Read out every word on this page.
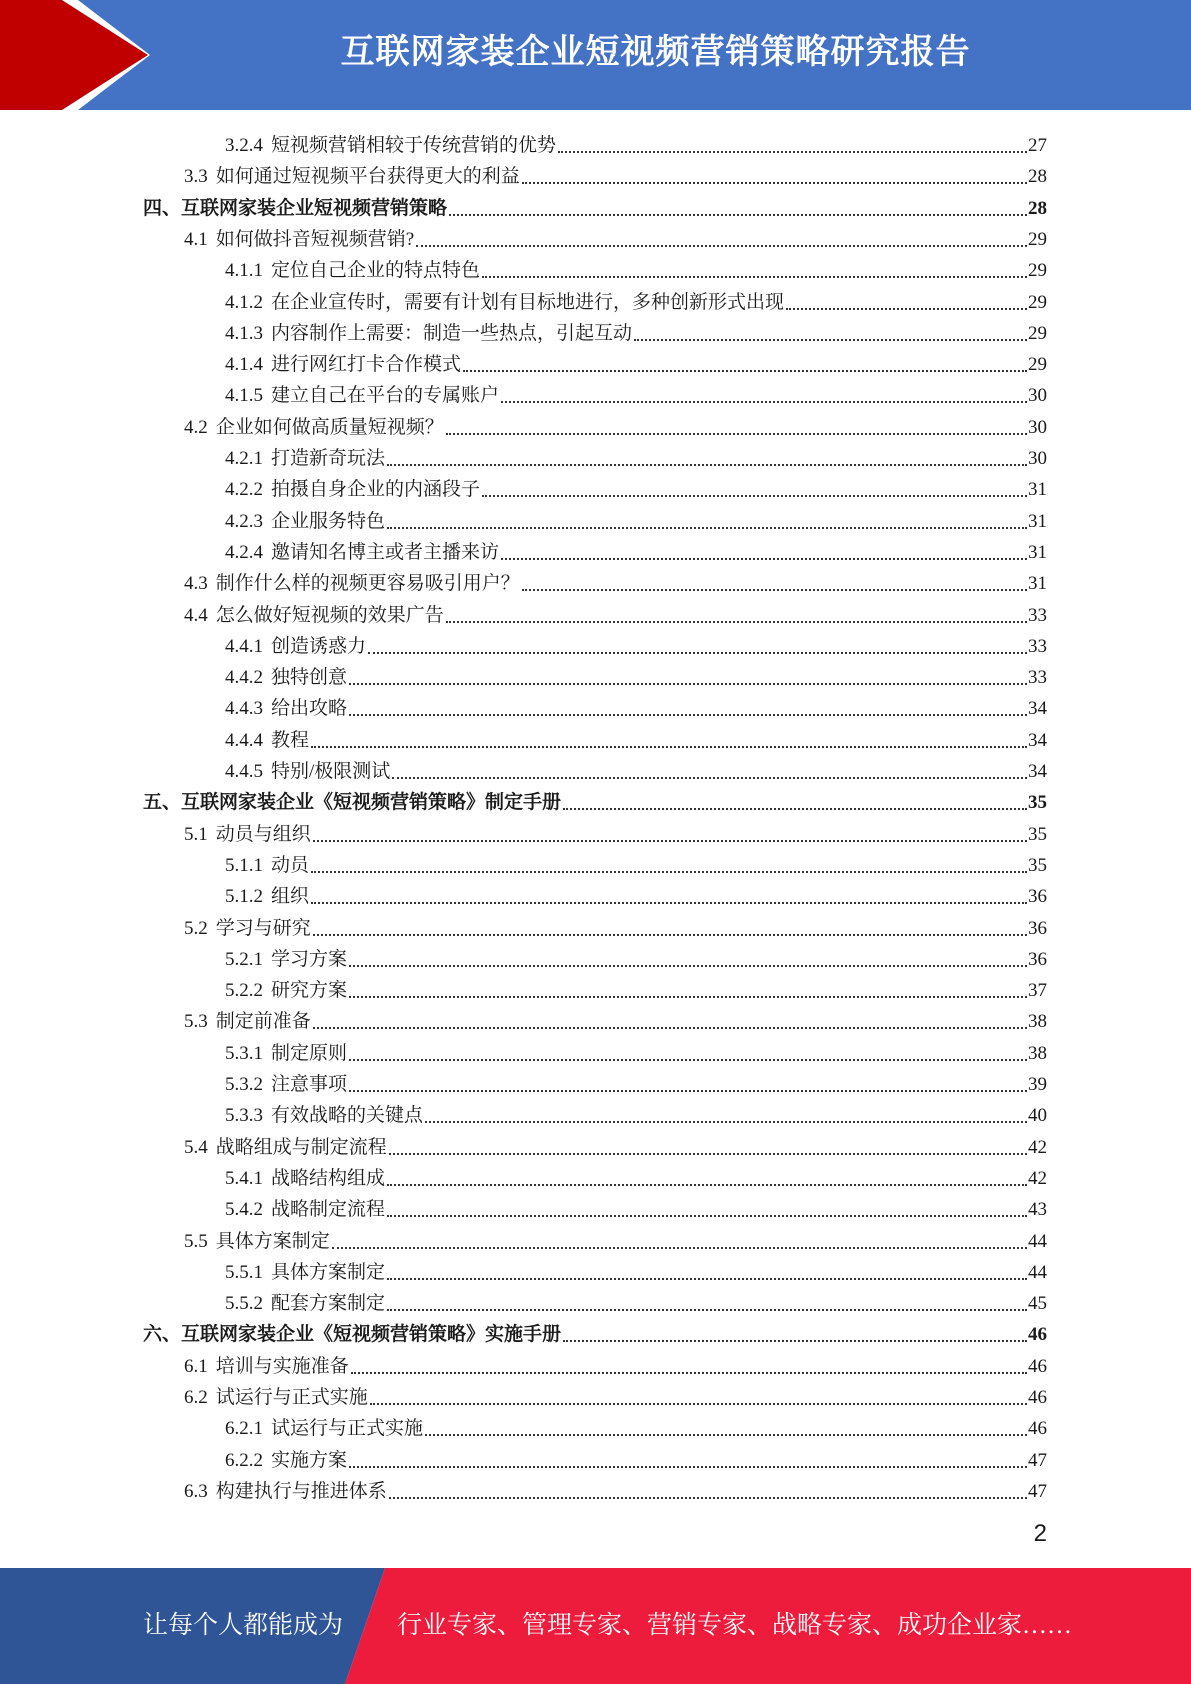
互联网家装企业短视频营销策略研究报告
3.2.4 短视频营销相较于传统营销的优势	27
3.3 如何通过短视频平台获得更大的利益	28
四、互联网家装企业短视频营销策略	28
4.1 如何做抖音短视频营销?	29
4.1.1 定位自己企业的特点特色	29
4.1.2 在企业宣传时，需要有计划有目标地进行，多种创新形式出现	29
4.1.3 内容制作上需要：制造一些热点，引起互动	29
4.1.4 进行网红打卡合作模式	29
4.1.5 建立自己在平台的专属账户	30
4.2 企业如何做高质量短视频？	30
4.2.1 打造新奇玩法	30
4.2.2 拍摄自身企业的内涵段子	31
4.2.3 企业服务特色	31
4.2.4 邀请知名博主或者主播来访	31
4.3 制作什么样的视频更容易吸引用户？	31
4.4 怎么做好短视频的效果广告	33
4.4.1 创造诱惑力	33
4.4.2 独特创意	33
4.4.3 给出攻略	34
4.4.4 教程	34
4.4.5 特别/极限测试	34
五、互联网家装企业《短视频营销策略》制定手册	35
5.1 动员与组织	35
5.1.1 动员	35
5.1.2 组织	36
5.2 学习与研究	36
5.2.1 学习方案	36
5.2.2 研究方案	37
5.3 制定前准备	38
5.3.1 制定原则	38
5.3.2 注意事项	39
5.3.3 有效战略的关键点	40
5.4 战略组成与制定流程	42
5.4.1 战略结构组成	42
5.4.2 战略制定流程	43
5.5 具体方案制定	44
5.5.1 具体方案制定	44
5.5.2 配套方案制定	45
六、互联网家装企业《短视频营销策略》实施手册	46
6.1 培训与实施准备	46
6.2 试运行与正式实施	46
6.2.1 试运行与正式实施	46
6.2.2 实施方案	47
6.3 构建执行与推进体系	47
2
让每个人都能成为 行业专家、管理专家、营销专家、战略专家、成功企业家……
